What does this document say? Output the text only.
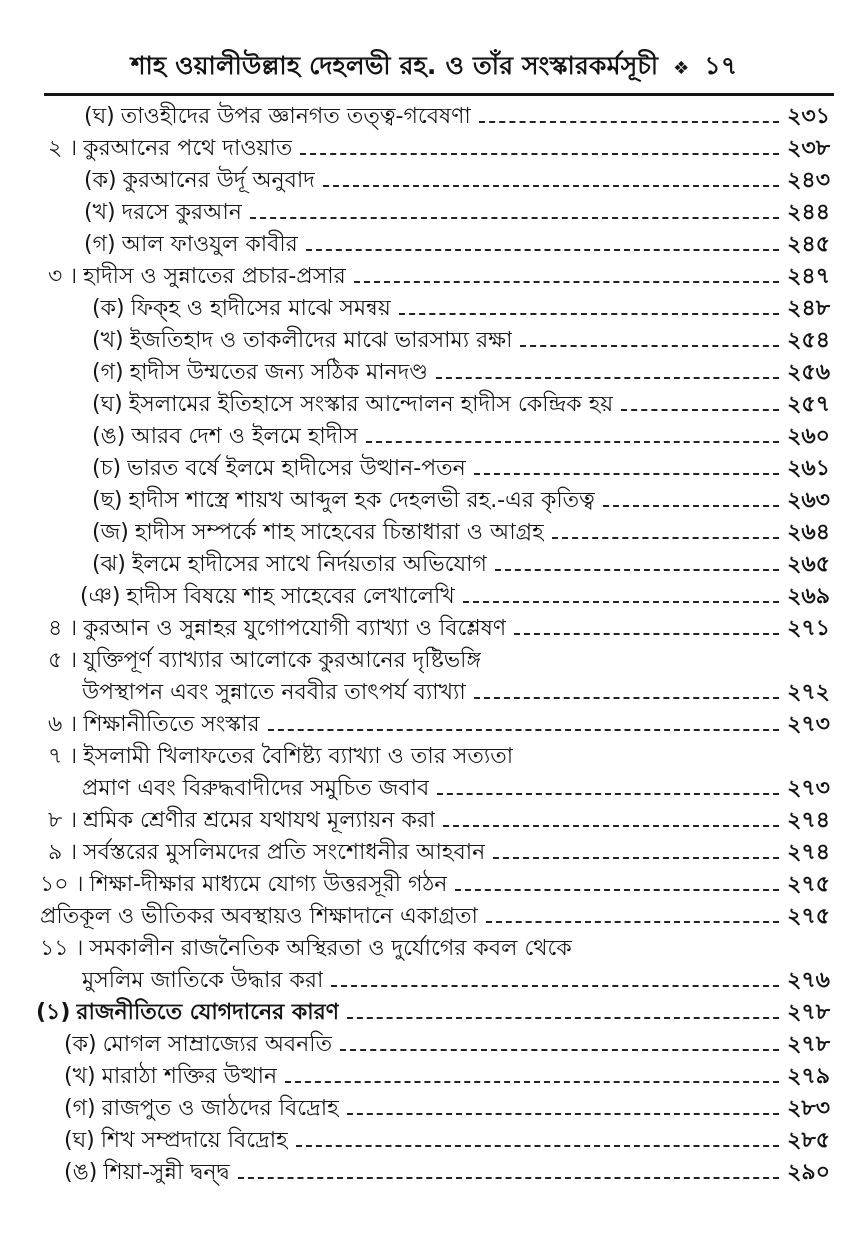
শাহ ওয়ালীউল্লাহ দেহলভী রহ. ও তাঁর সংস্কারকর্মসূচী ❖ ১৭
(ঘ) তাওহীদের উপর জ্ঞানগত তত্ত্ব-গবেষণা	২৩১
২ । কুরআনের পথে দাওয়াত	২৩৮
(ক) কুরআনের উর্দূ অনুবাদ	২৪৩
(খ) দরসে কুরআন	২৪৪
(গ) আল ফাওযুল কাবীর	২৪৫
৩ । হাদীস ও সুন্নাতের প্রচার-প্রসার	২৪৭
(ক) ফিক্হ ও হাদীসের মাঝে সমন্বয়	২৪৮
(খ) ইজতিহাদ ও তাকলীদের মাঝে ভারসাম্য রক্ষা	২৫৪
(গ) হাদীস উম্মতের জন্য সঠিক মানদণ্ড	২৫৬
(ঘ) ইসলামের ইতিহাসে সংস্কার আন্দোলন হাদীস কেন্দ্রিক হয়	২৫৭
(ঙ) আরব দেশ ও ইলমে হাদীস	২৬০
(চ) ভারত বর্ষে ইলমে হাদীসের উত্থান-পতন	২৬১
(ছ) হাদীস শাস্ত্রে শায়খ আব্দুল হক দেহলভী রহ.-এর কৃতিত্ব	২৬৩
(জ) হাদীস সম্পর্কে শাহ সাহেবের চিন্তাধারা ও আগ্রহ	২৬৪
(ঝ) ইলমে হাদীসের সাথে নির্দয়তার অভিযোগ	২৬৫
(ঞ) হাদীস বিষয়ে শাহ সাহেবের লেখালেখি	২৬৯
৪ । কুরআন ও সুন্নাহর যুগোপযোগী ব্যাখ্যা ও বিশ্লেষণ	২৭১
৫ । যুক্তিপূর্ণ ব্যাখ্যার আলোকে কুরআনের দৃষ্টিভঙ্গি
উপস্থাপন এবং সুন্নাতে নববীর তাৎপর্য ব্যাখ্যা	২৭২
৬ । শিক্ষানীতিতে সংস্কার	২৭৩
৭ । ইসলামী খিলাফতের বৈশিষ্ট্য ব্যাখ্যা ও তার সত্যতা
প্রমাণ এবং বিরুদ্ধবাদীদের সমুচিত জবাব	২৭৩
৮ । শ্রমিক শ্রেণীর শ্রমের যথাযথ মূল্যায়ন করা	২৭৪
৯ । সর্বস্তরের মুসলিমদের প্রতি সংশোধনীর আহবান	২৭৪
১০ । শিক্ষা-দীক্ষার মাধ্যমে যোগ্য উত্তরসূরী গঠন	২৭৫
প্রতিকূল ও ভীতিকর অবস্থায়ও শিক্ষাদানে একাগ্রতা	২৭৫
১১ । সমকালীন রাজনৈতিক অস্থিরতা ও দুর্যোগের কবল থেকে
মুসলিম জাতিকে উদ্ধার করা	২৭৬
(১) রাজনীতিতে যোগদানের কারণ	২৭৮
(ক) মোগল সাম্রাজ্যের অবনতি	২৭৮
(খ) মারাঠা শক্তির উত্থান	২৭৯
(গ) রাজপুত ও জাঠদের বিদ্রোহ	২৮৩
(ঘ) শিখ সম্প্রদায়ে বিদ্রোহ	২৮৫
(ঙ) শিয়া-সুন্নী দ্বন্দ্ব	২৯০
